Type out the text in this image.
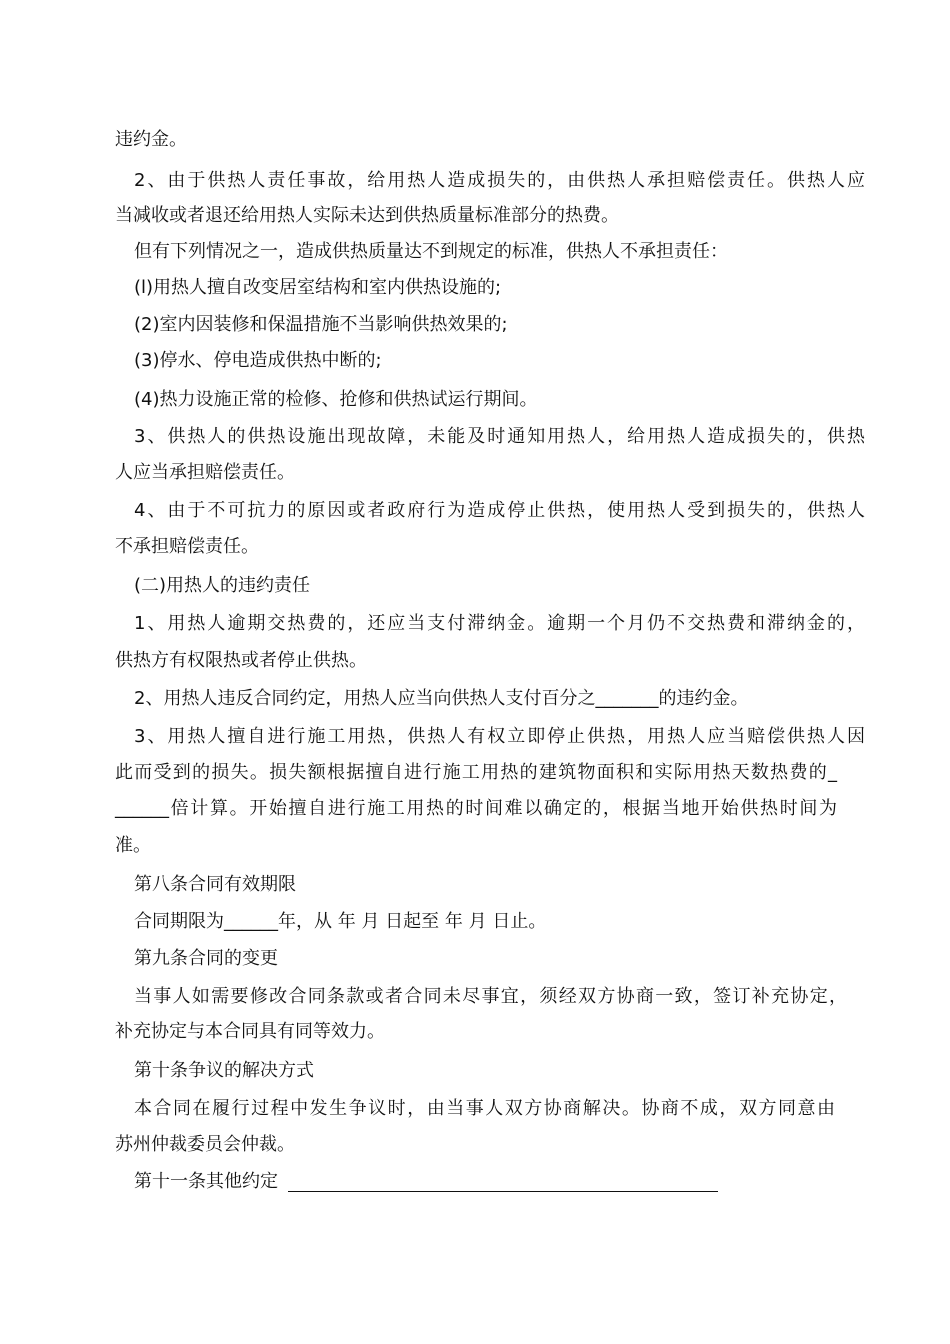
违约金。

2、由于供热人责任事故，给用热人造成损失的，由供热人承担赔偿责任。供热人应

当减收或者退还给用热人实际未达到供热质量标准部分的热费。

但有下列情况之一，造成供热质量达不到规定的标准，供热人不承担责任：

(l)用热人擅自改变居室结构和室内供热设施的;

(2)室内因装修和保温措施不当影响供热效果的;

(3)停水、停电造成供热中断的;

(4)热力设施正常的检修、抢修和供热试运行期间。

3、供热人的供热设施出现故障，未能及时通知用热人，给用热人造成损失的，供热

人应当承担赔偿责任。

4、由于不可抗力的原因或者政府行为造成停止供热，使用热人受到损失的，供热人

不承担赔偿责任。

(二)用热人的违约责任

1、用热人逾期交热费的，还应当支付滞纳金。逾期一个月仍不交热费和滞纳金的，

供热方有权限热或者停止供热。

2、用热人违反合同约定，用热人应当向供热人支付百分之_______的违约金。

3、用热人擅自进行施工用热，供热人有权立即停止供热，用热人应当赔偿供热人因

此而受到的损失。损失额根据擅自进行施工用热的建筑物面积和实际用热天数热费的_

______倍计算。开始擅自进行施工用热的时间难以确定的，根据当地开始供热时间为

准。

第八条合同有效期限

合同期限为______年，从 年 月 日起至 年 月 日止。

第九条合同的变更

当事人如需要修改合同条款或者合同未尽事宜，须经双方协商一致，签订补充协定，

补充协定与本合同具有同等效力。

第十条争议的解决方式

本合同在履行过程中发生争议时，由当事人双方协商解决。协商不成，双方同意由

苏州仲裁委员会仲裁。

第十一条其他约定
